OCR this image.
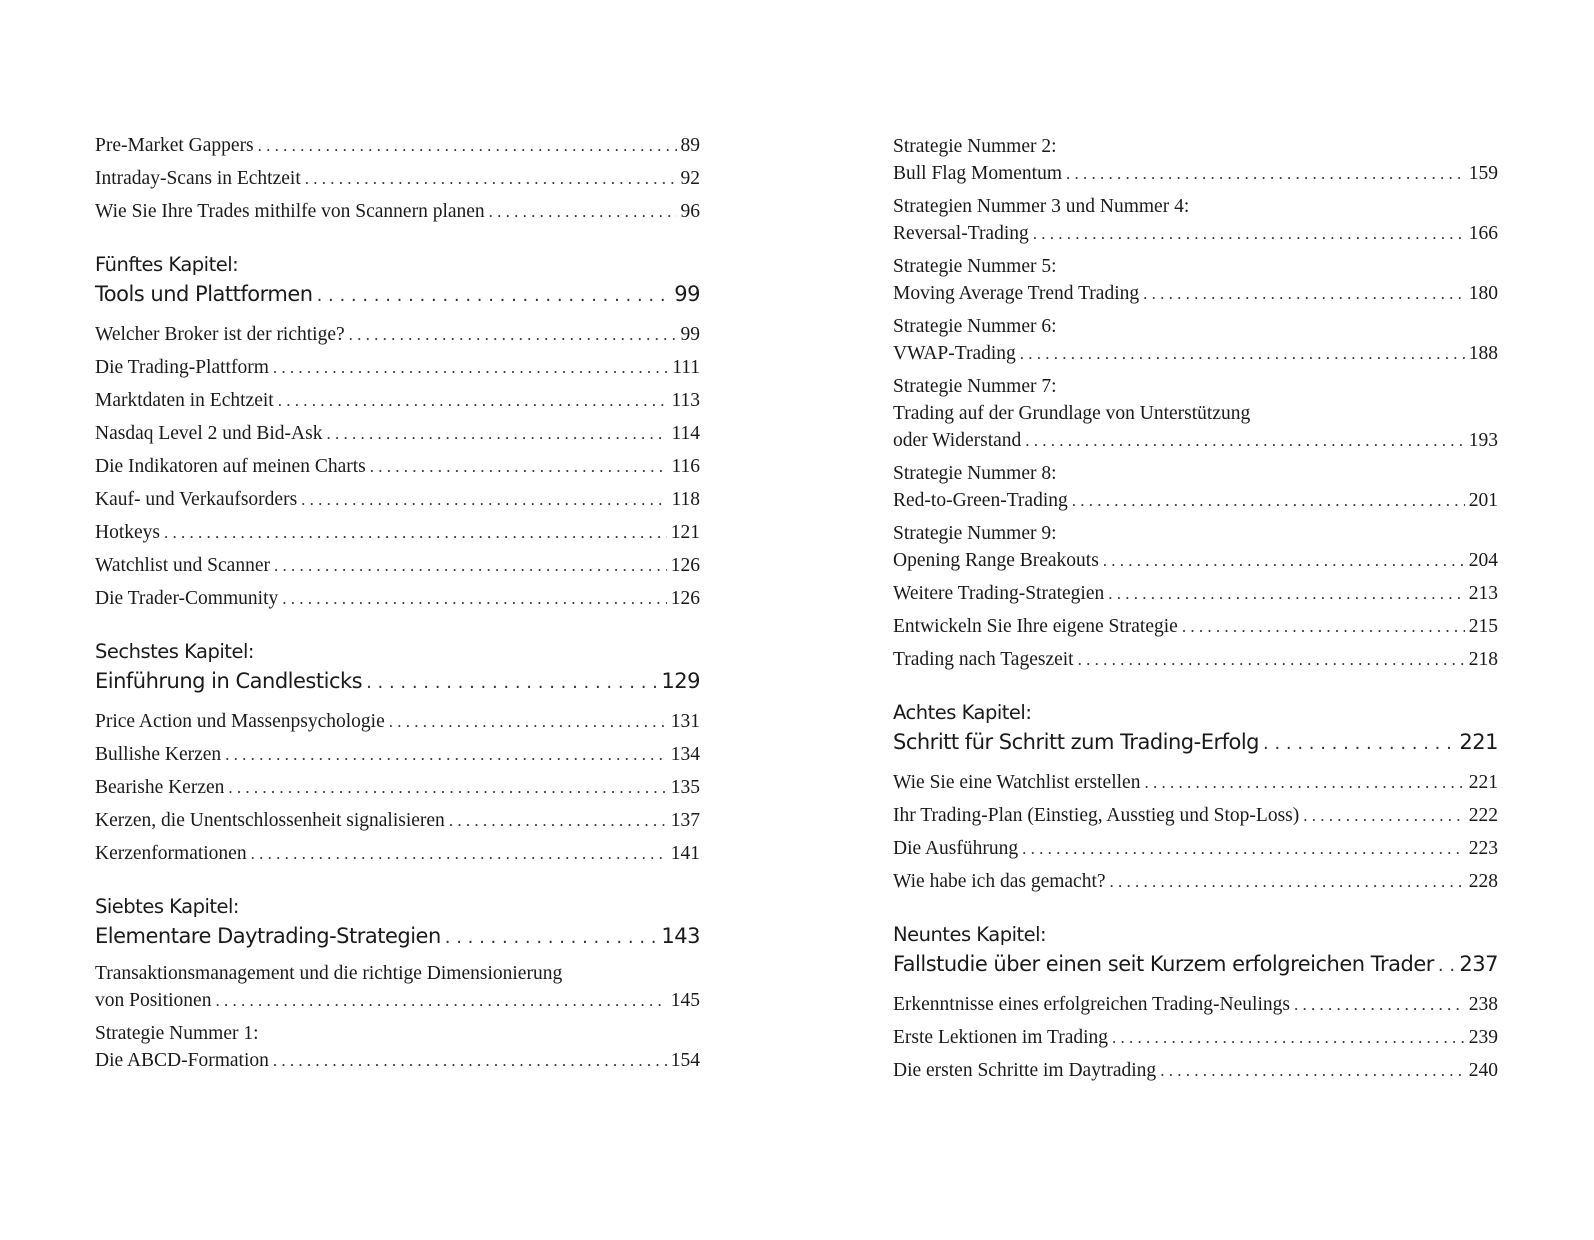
Pre-Market Gappers . . .	89
Intraday-Scans in Echtzeit . . .	92
Wie Sie Ihre Trades mithilfe von Scannern planen . . .	96
Fünftes Kapitel:
Tools und Plattformen . . .	99
Welcher Broker ist der richtige? . . .	99
Die Trading-Plattform . . .	111
Marktdaten in Echtzeit . . .	113
Nasdaq Level 2 und Bid-Ask . . .	114
Die Indikatoren auf meinen Charts . . .	116
Kauf- und Verkaufsorders . . .	118
Hotkeys . . .	121
Watchlist und Scanner . . .	126
Die Trader-Community . . .	126
Sechstes Kapitel:
Einführung in Candlesticks . . .	129
Price Action und Massenpsychologie . . .	131
Bullishe Kerzen . . .	134
Bearishe Kerzen . . .	135
Kerzen, die Unentschlossenheit signalisieren . . .	137
Kerzenformationen . . .	141
Siebtes Kapitel:
Elementare Daytrading-Strategien . . .	143
Transaktionsmanagement und die richtige Dimensionierung
von Positionen . . .	145
Strategie Nummer 1:
Die ABCD-Formation . . .	154
Strategie Nummer 2:
Bull Flag Momentum . . .	159
Strategien Nummer 3 und Nummer 4:
Reversal-Trading . . .	166
Strategie Nummer 5:
Moving Average Trend Trading . . .	180
Strategie Nummer 6:
VWAP-Trading . . .	188
Strategie Nummer 7:
Trading auf der Grundlage von Unterstützung
oder Widerstand . . .	193
Strategie Nummer 8:
Red-to-Green-Trading . . .	201
Strategie Nummer 9:
Opening Range Breakouts . . .	204
Weitere Trading-Strategien . . .	213
Entwickeln Sie Ihre eigene Strategie . . .	215
Trading nach Tageszeit . . .	218
Achtes Kapitel:
Schritt für Schritt zum Trading-Erfolg . . .	221
Wie Sie eine Watchlist erstellen . . .	221
Ihr Trading-Plan (Einstieg, Ausstieg und Stop-Loss) . . .	222
Die Ausführung . . .	223
Wie habe ich das gemacht? . . .	228
Neuntes Kapitel:
Fallstudie über einen seit Kurzem erfolgreichen Trader . . . 237
Erkenntnisse eines erfolgreichen Trading-Neulings . . .	238
Erste Lektionen im Trading . . .	239
Die ersten Schritte im Daytrading . . .	240
